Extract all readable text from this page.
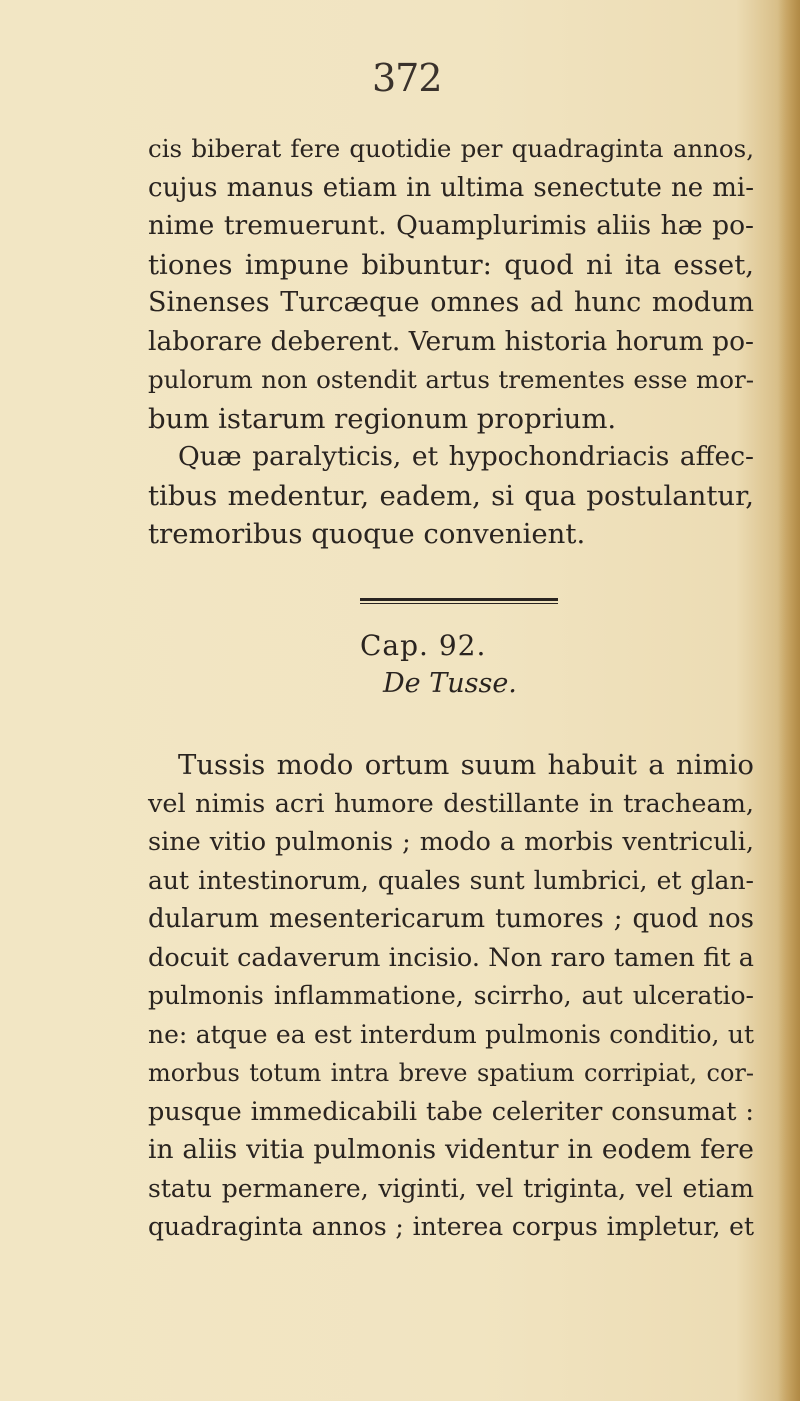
372
cis biberat fere quotidie per quadraginta annos,
cujus manus etiam in ultima senectute ne mi-
nime tremuerunt. Quamplurimis aliis hæ po-
tiones impune bibuntur: quod ni ita esset,
Sinenses Turcæque omnes ad hunc modum
laborare deberent. Verum historia horum po-
pulorum non ostendit artus trementes esse mor-
bum istarum regionum proprium.
Quæ paralyticis, et hypochondriacis affec-
tibus medentur, eadem, si qua postulantur,
tremoribus quoque convenient.
Cap. 92.
De Tusse.
Tussis modo ortum suum habuit a nimio
vel nimis acri humore destillante in tracheam,
sine vitio pulmonis ; modo a morbis ventriculi,
aut intestinorum, quales sunt lumbrici, et glan-
dularum mesentericarum tumores ; quod nos
docuit cadaverum incisio. Non raro tamen fit a
pulmonis inflammatione, scirrho, aut ulceratio-
ne: atque ea est interdum pulmonis conditio, ut
morbus totum intra breve spatium corripiat, cor-
pusque immedicabili tabe celeriter consumat :
in aliis vitia pulmonis videntur in eodem fere
statu permanere, viginti, vel triginta, vel etiam
quadraginta annos ; interea corpus impletur, et
